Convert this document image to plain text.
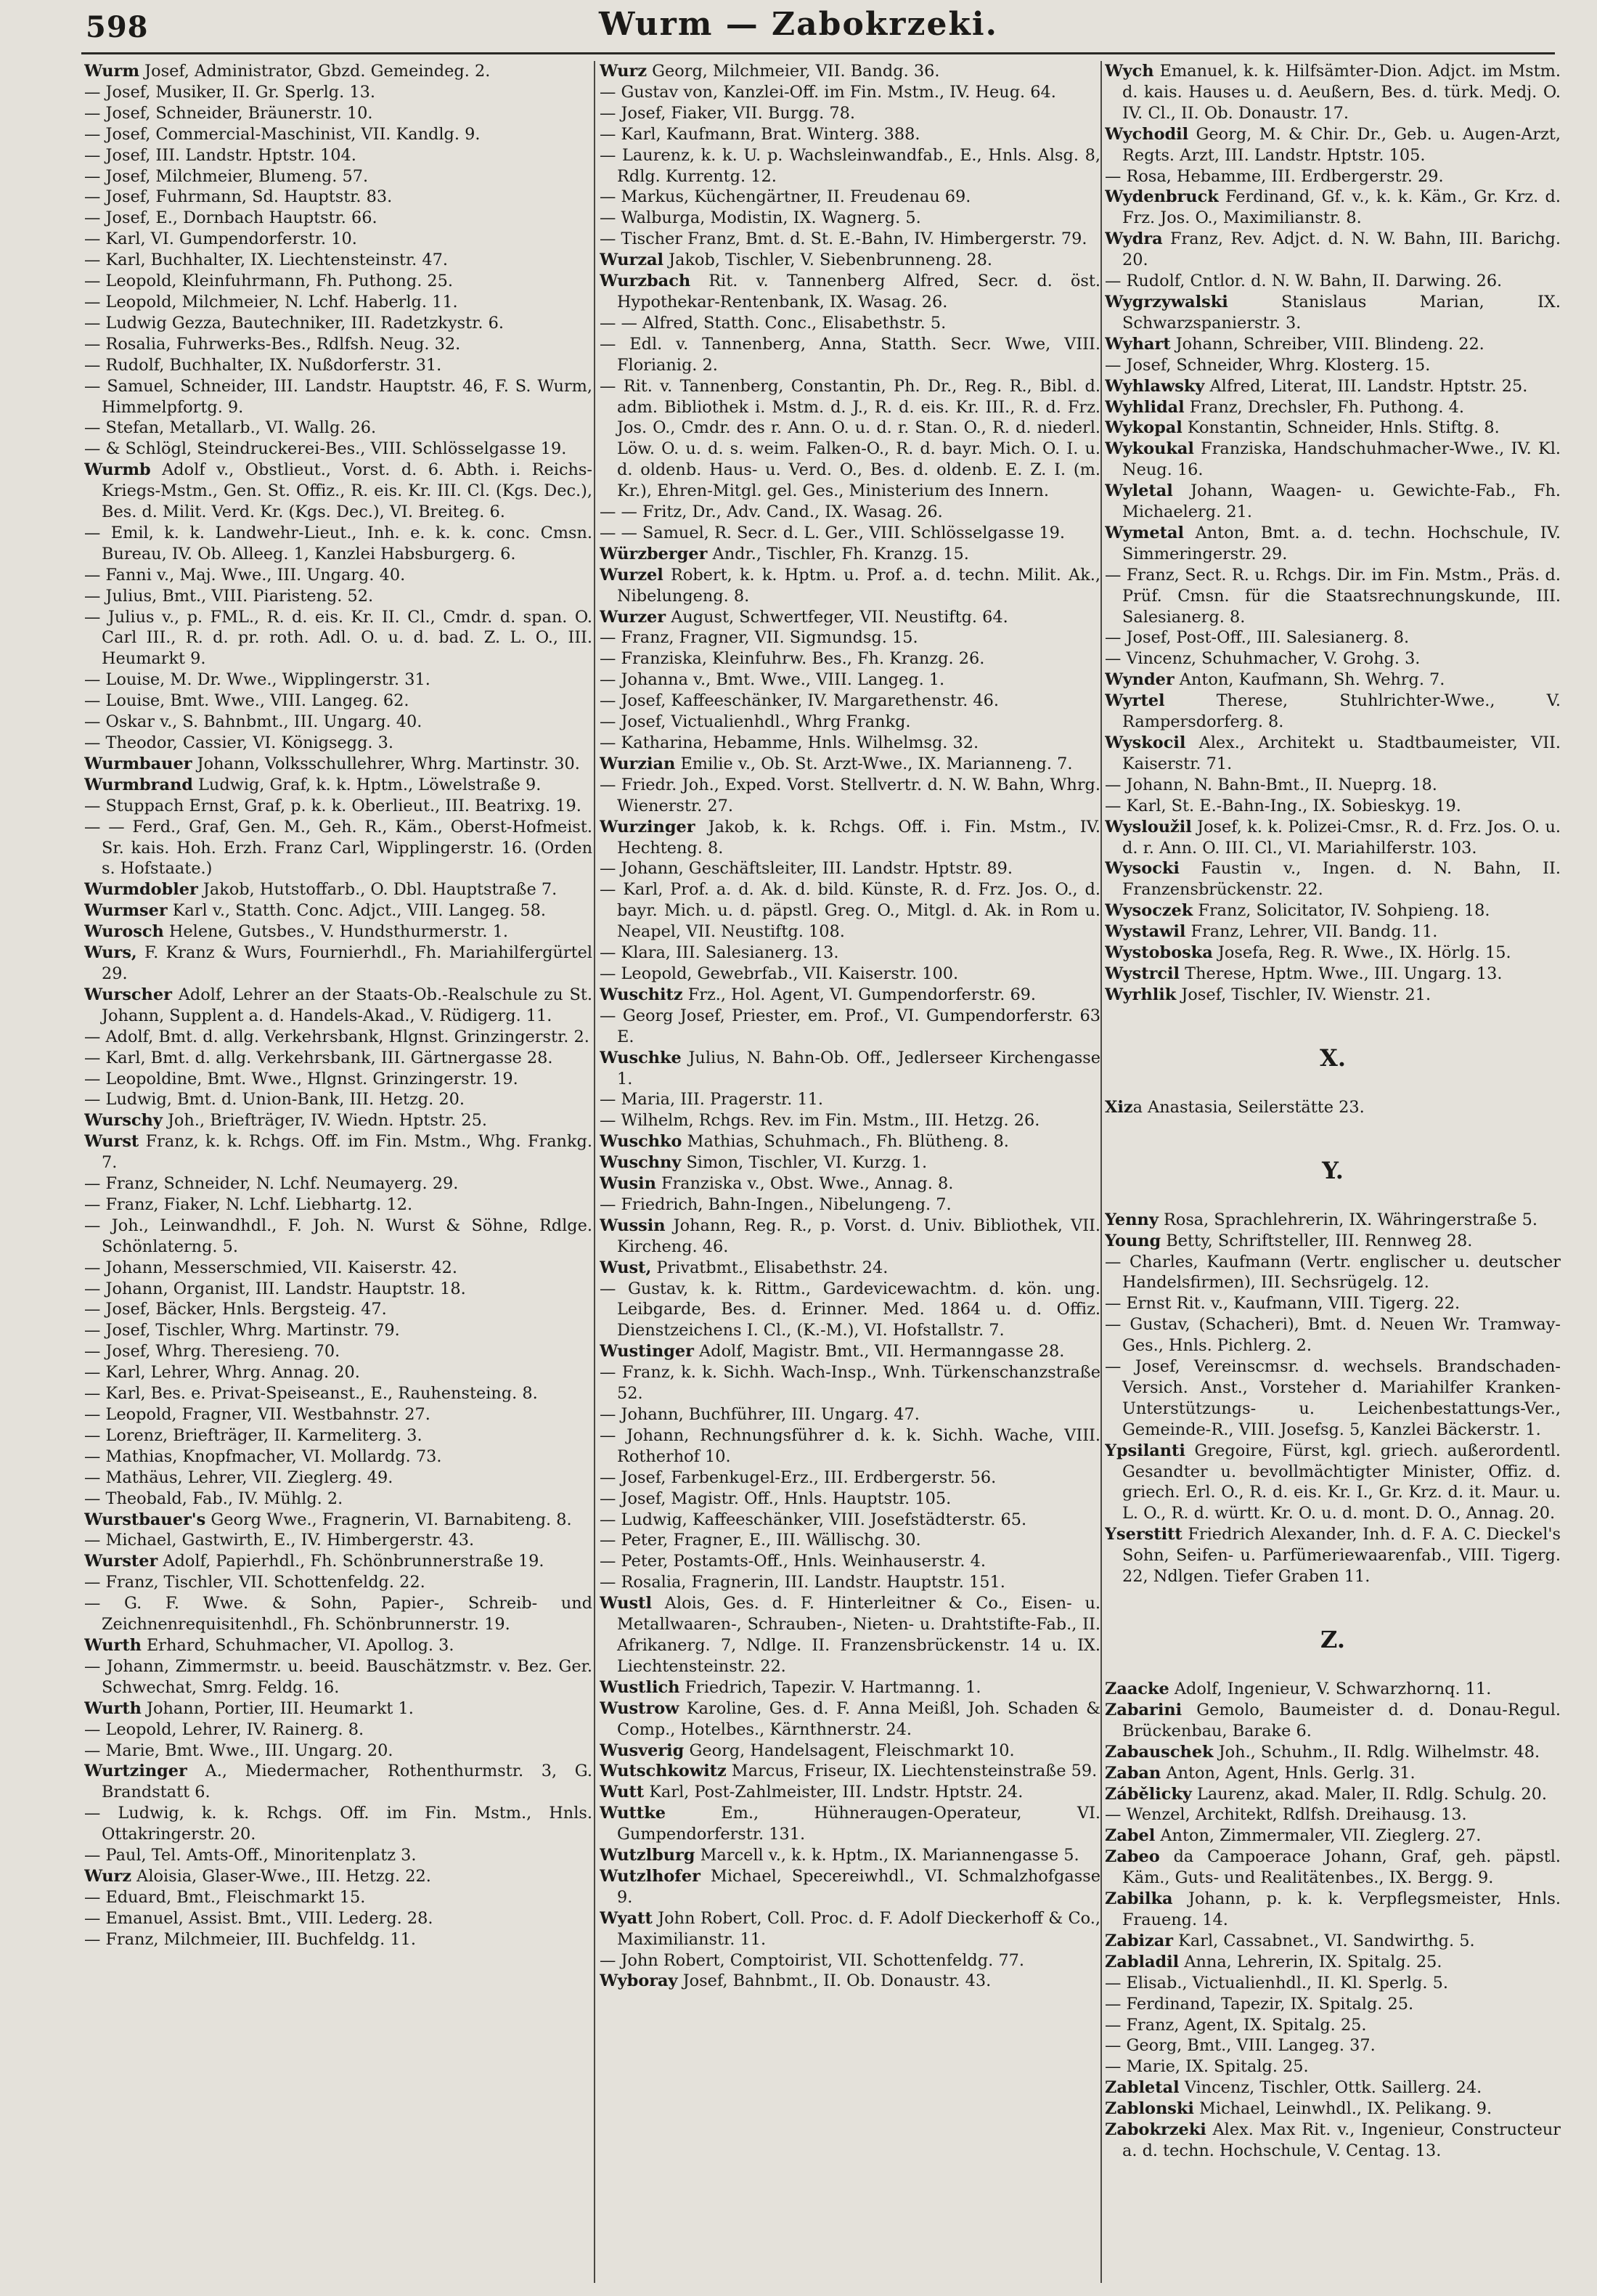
598	Wurm — Zabokrzeki.

Wurm Josef, Administrator, Gbzd. Gemeindeg. 2.

— Josef, Musiker, II. Gr. Sperlg. 13.

— Josef, Schneider, Bräunerstr. 10.

— Josef, Commercial-Maschinist, VII. Kandlg. 9.

— Josef, III. Landstr. Hptstr. 104.

— Josef, Milchmeier, Blumeng. 57.

— Josef, Fuhrmann, Sd. Hauptstr. 83.

— Josef, E., Dornbach Hauptstr. 66.

— Karl, VI. Gumpendorferstr. 10.

— Karl, Buchhalter, IX. Liechtensteinstr. 47.

— Leopold, Kleinfuhrmann, Fh. Puthong. 25.

— Leopold, Milchmeier, N. Lchf. Haberlg. 11.

— Ludwig Gezza, Bautechniker, III. Radetzkystr. 6.

— Rosalia, Fuhrwerks-Bes., Rdlfsh. Neug. 32.

— Rudolf, Buchhalter, IX. Nußdorferstr. 31.

— Samuel, Schneider, III. Landstr. Hauptstr. 46, F. S. Wurm, Himmelpfortg. 9.

— Stefan, Metallarb., VI. Wallg. 26.

— & Schlögl, Steindruckerei-Bes., VIII. Schlösselgasse 19.

Wurmb Adolf v., Obstlieut., Vorst. d. 6. Abth. i. Reichs-Kriegs-Mstm., Gen. St. Offiz., R. eis. Kr. III. Cl. (Kgs. Dec.), Bes. d. Milit. Verd. Kr. (Kgs. Dec.), VI. Breiteg. 6.

— Emil, k. k. Landwehr-Lieut., Inh. e. k. k. conc. Cmsn. Bureau, IV. Ob. Alleeg. 1, Kanzlei Habsburgerg. 6.

— Fanni v., Maj. Wwe., III. Ungarg. 40.

— Julius, Bmt., VIII. Piaristeng. 52.

— Julius v., p. FML., R. d. eis. Kr. II. Cl., Cmdr. d. span. O. Carl III., R. d. pr. roth. Adl. O. u. d. bad. Z. L. O., III. Heumarkt 9.

— Louise, M. Dr. Wwe., Wipplingerstr. 31.

— Louise, Bmt. Wwe., VIII. Langeg. 62.

— Oskar v., S. Bahnbmt., III. Ungarg. 40.

— Theodor, Cassier, VI. Königsegg. 3.

Wurmbauer Johann, Volksschullehrer, Whrg. Martinstr. 30.

Wurmbrand Ludwig, Graf, k. k. Hptm., Löwelstraße 9.

— Stuppach Ernst, Graf, p. k. k. Oberlieut., III. Beatrixg. 19.

— — Ferd., Graf, Gen. M., Geh. R., Käm., Oberst-Hofmeist. Sr. kais. Hoh. Erzh. Franz Carl, Wipplingerstr. 16. (Orden s. Hofstaate.)

Wurmdobler Jakob, Hutstoffarb., O. Dbl. Hauptstraße 7.

Wurmser Karl v., Statth. Conc. Adjct., VIII. Langeg. 58.

Wurosch Helene, Gutsbes., V. Hundsthurmerstr. 1.

Wurs, F. Kranz & Wurs, Fournierhdl., Fh. Mariahilfergürtel 29.

Wurscher Adolf, Lehrer an der Staats-Ob.-Realschule zu St. Johann, Supplent a. d. Handels-Akad., V. Rüdigerg. 11.

— Adolf, Bmt. d. allg. Verkehrsbank, Hlgnst. Grinzingerstr. 2.

— Karl, Bmt. d. allg. Verkehrsbank, III. Gärtnergasse 28.

— Leopoldine, Bmt. Wwe., Hlgnst. Grinzingerstr. 19.

— Ludwig, Bmt. d. Union-Bank, III. Hetzg. 20.

Wurschy Joh., Briefträger, IV. Wiedn. Hptstr. 25.

Wurst Franz, k. k. Rchgs. Off. im Fin. Mstm., Whg. Frankg. 7.

— Franz, Schneider, N. Lchf. Neumayerg. 29.

— Franz, Fiaker, N. Lchf. Liebhartg. 12.

— Joh., Leinwandhdl., F. Joh. N. Wurst & Söhne, Rdlge. Schönlaterng. 5.

— Johann, Messerschmied, VII. Kaiserstr. 42.

— Johann, Organist, III. Landstr. Hauptstr. 18.

— Josef, Bäcker, Hnls. Bergsteig. 47.

— Josef, Tischler, Whrg. Martinstr. 79.

— Josef, Whrg. Theresieng. 70.

— Karl, Lehrer, Whrg. Annag. 20.

— Karl, Bes. e. Privat-Speiseanst., E., Rauhensteing. 8.

— Leopold, Fragner, VII. Westbahnstr. 27.

— Lorenz, Briefträger, II. Karmeliterg. 3.

— Mathias, Knopfmacher, VI. Mollardg. 73.

— Mathäus, Lehrer, VII. Zieglerg. 49.

— Theobald, Fab., IV. Mühlg. 2.

Wurstbauer's Georg Wwe., Fragnerin, VI. Barnabiteng. 8.

— Michael, Gastwirth, E., IV. Himbergerstr. 43.

Wurster Adolf, Papierhdl., Fh. Schönbrunnerstraße 19.

— Franz, Tischler, VII. Schottenfeldg. 22.

— G. F. Wwe. & Sohn, Papier-, Schreib- und Zeichnenrequisitenhdl., Fh. Schönbrunnerstr. 19.

Wurth Erhard, Schuhmacher, VI. Apollog. 3.

— Johann, Zimmermstr. u. beeid. Bauschätzmstr. v. Bez. Ger. Schwechat, Smrg. Feldg. 16.

Wurth Johann, Portier, III. Heumarkt 1.

— Leopold, Lehrer, IV. Rainerg. 8.

— Marie, Bmt. Wwe., III. Ungarg. 20.

Wurtzinger A., Miedermacher, Rothenthurmstr. 3, G. Brandstatt 6.

— Ludwig, k. k. Rchgs. Off. im Fin. Mstm., Hnls. Ottakringerstr. 20.

— Paul, Tel. Amts-Off., Minoritenplatz 3.

Wurz Aloisia, Glaser-Wwe., III. Hetzg. 22.

— Eduard, Bmt., Fleischmarkt 15.

— Emanuel, Assist. Bmt., VIII. Lederg. 28.

— Franz, Milchmeier, III. Buchfeldg. 11.

Wurz Georg, Milchmeier, VII. Bandg. 36.

— Gustav von, Kanzlei-Off. im Fin. Mstm., IV. Heug. 64.

— Josef, Fiaker, VII. Burgg. 78.

— Karl, Kaufmann, Brat. Winterg. 388.

— Laurenz, k. k. U. p. Wachsleinwandfab., E., Hnls. Alsg. 8, Rdlg. Kurrentg. 12.

— Markus, Küchengärtner, II. Freudenau 69.

— Walburga, Modistin, IX. Wagnerg. 5.

— Tischer Franz, Bmt. d. St. E.-Bahn, IV. Himbergerstr. 79.

Wurzal Jakob, Tischler, V. Siebenbrunneng. 28.

Wurzbach Rit. v. Tannenberg Alfred, Secr. d. öst. Hypothekar-Rentenbank, IX. Wasag. 26.

— — Alfred, Statth. Conc., Elisabethstr. 5.

— Edl. v. Tannenberg, Anna, Statth. Secr. Wwe, VIII. Florianig. 2.

— Rit. v. Tannenberg, Constantin, Ph. Dr., Reg. R., Bibl. d. adm. Bibliothek i. Mstm. d. J., R. d. eis. Kr. III., R. d. Frz. Jos. O., Cmdr. des r. Ann. O. u. d. r. Stan. O., R. d. niederl. Löw. O. u. d. s. weim. Falken-O., R. d. bayr. Mich. O. I. u. d. oldenb. Haus- u. Verd. O., Bes. d. oldenb. E. Z. I. (m. Kr.), Ehren-Mitgl. gel. Ges., Ministerium des Innern.

— — Fritz, Dr., Adv. Cand., IX. Wasag. 26.

— — Samuel, R. Secr. d. L. Ger., VIII. Schlösselgasse 19.

Würzberger Andr., Tischler, Fh. Kranzg. 15.

Wurzel Robert, k. k. Hptm. u. Prof. a. d. techn. Milit. Ak., Nibelungeng. 8.

Wurzer August, Schwertfeger, VII. Neustiftg. 64.

— Franz, Fragner, VII. Sigmundsg. 15.

— Franziska, Kleinfuhrw. Bes., Fh. Kranzg. 26.

— Johanna v., Bmt. Wwe., VIII. Langeg. 1.

— Josef, Kaffeeschänker, IV. Margarethenstr. 46.

— Josef, Victualienhdl., Whrg Frankg.

— Katharina, Hebamme, Hnls. Wilhelmsg. 32.

Wurzian Emilie v., Ob. St. Arzt-Wwe., IX. Marianneng. 7.

— Friedr. Joh., Exped. Vorst. Stellvertr. d. N. W. Bahn, Whrg. Wienerstr. 27.

Wurzinger Jakob, k. k. Rchgs. Off. i. Fin. Mstm., IV. Hechteng. 8.

— Johann, Geschäftsleiter, III. Landstr. Hptstr. 89.

— Karl, Prof. a. d. Ak. d. bild. Künste, R. d. Frz. Jos. O., d. bayr. Mich. u. d. päpstl. Greg. O., Mitgl. d. Ak. in Rom u. Neapel, VII. Neustiftg. 108.

— Klara, III. Salesianerg. 13.

— Leopold, Gewebrfab., VII. Kaiserstr. 100.

Wuschitz Frz., Hol. Agent, VI. Gumpendorferstr. 69.

— Georg Josef, Priester, em. Prof., VI. Gumpendorferstr. 63 E.

Wuschke Julius, N. Bahn-Ob. Off., Jedlerseer Kirchengasse 1.

— Maria, III. Pragerstr. 11.

— Wilhelm, Rchgs. Rev. im Fin. Mstm., III. Hetzg. 26.

Wuschko Mathias, Schuhmach., Fh. Blütheng. 8.

Wuschny Simon, Tischler, VI. Kurzg. 1.

Wusin Franziska v., Obst. Wwe., Annag. 8.

— Friedrich, Bahn-Ingen., Nibelungeng. 7.

Wussin Johann, Reg. R., p. Vorst. d. Univ. Bibliothek, VII. Kircheng. 46.

Wust, Privatbmt., Elisabethstr. 24.

— Gustav, k. k. Rittm., Gardevicewachtm. d. kön. ung. Leibgarde, Bes. d. Erinner. Med. 1864 u. d. Offiz. Dienstzeichens I. Cl., (K.-M.), VI. Hofstallstr. 7.

Wustinger Adolf, Magistr. Bmt., VII. Hermanngasse 28.

— Franz, k. k. Sichh. Wach-Insp., Wnh. Türkenschanzstraße 52.

— Johann, Buchführer, III. Ungarg. 47.

— Johann, Rechnungsführer d. k. k. Sichh. Wache, VIII. Rotherhof 10.

— Josef, Farbenkugel-Erz., III. Erdbergerstr. 56.

— Josef, Magistr. Off., Hnls. Hauptstr. 105.

— Ludwig, Kaffeeschänker, VIII. Josefstädterstr. 65.

— Peter, Fragner, E., III. Wällischg. 30.

— Peter, Postamts-Off., Hnls. Weinhauserstr. 4.

— Rosalia, Fragnerin, III. Landstr. Hauptstr. 151.

Wustl Alois, Ges. d. F. Hinterleitner & Co., Eisen- u. Metallwaaren-, Schrauben-, Nieten- u. Drahtstifte-Fab., II. Afrikanerg. 7, Ndlge. II. Franzensbrückenstr. 14 u. IX. Liechtensteinstr. 22.

Wustlich Friedrich, Tapezir. V. Hartmanng. 1.

Wustrow Karoline, Ges. d. F. Anna Meißl, Joh. Schaden & Comp., Hotelbes., Kärnthnerstr. 24.

Wusverig Georg, Handelsagent, Fleischmarkt 10.

Wutschkowitz Marcus, Friseur, IX. Liechtensteinstraße 59.

Wutt Karl, Post-Zahlmeister, III. Lndstr. Hptstr. 24.

Wuttke Em., Hühneraugen-Operateur, VI. Gumpendorferstr. 131.

Wutzlburg Marcell v., k. k. Hptm., IX. Mariannengasse 5.

Wutzlhofer Michael, Specereiwhdl., VI. Schmalzhofgasse 9.

Wyatt John Robert, Coll. Proc. d. F. Adolf Dieckerhoff & Co., Maximilianstr. 11.

— John Robert, Comptoirist, VII. Schottenfeldg. 77.

Wyboray Josef, Bahnbmt., II. Ob. Donaustr. 43.

Wych Emanuel, k. k. Hilfsämter-Dion. Adjct. im Mstm. d. kais. Hauses u. d. Aeußern, Bes. d. türk. Medj. O. IV. Cl., II. Ob. Donaustr. 17.

Wychodil Georg, M. & Chir. Dr., Geb. u. Augen-Arzt, Regts. Arzt, III. Landstr. Hptstr. 105.

— Rosa, Hebamme, III. Erdbergerstr. 29.

Wydenbruck Ferdinand, Gf. v., k. k. Käm., Gr. Krz. d. Frz. Jos. O., Maximilianstr. 8.

Wydra Franz, Rev. Adjct. d. N. W. Bahn, III. Barichg. 20.

— Rudolf, Cntlor. d. N. W. Bahn, II. Darwing. 26.

Wygrzywalski Stanislaus Marian, IX. Schwarzspanierstr. 3.

Wyhart Johann, Schreiber, VIII. Blindeng. 22.

— Josef, Schneider, Whrg. Klosterg. 15.

Wyhlawsky Alfred, Literat, III. Landstr. Hptstr. 25.

Wyhlidal Franz, Drechsler, Fh. Puthong. 4.

Wykopal Konstantin, Schneider, Hnls. Stiftg. 8.

Wykoukal Franziska, Handschuhmacher-Wwe., IV. Kl. Neug. 16.

Wyletal Johann, Waagen- u. Gewichte-Fab., Fh. Michaelerg. 21.

Wymetal Anton, Bmt. a. d. techn. Hochschule, IV. Simmeringerstr. 29.

— Franz, Sect. R. u. Rchgs. Dir. im Fin. Mstm., Präs. d. Prüf. Cmsn. für die Staatsrechnungskunde, III. Salesianerg. 8.

— Josef, Post-Off., III. Salesianerg. 8.

— Vincenz, Schuhmacher, V. Grohg. 3.

Wynder Anton, Kaufmann, Sh. Wehrg. 7.

Wyrtel Therese, Stuhlrichter-Wwe., V. Rampersdorferg. 8.

Wyskocil Alex., Architekt u. Stadtbaumeister, VII. Kaiserstr. 71.

— Johann, N. Bahn-Bmt., II. Nueprg. 18.

— Karl, St. E.-Bahn-Ing., IX. Sobieskyg. 19.

Wysloužil Josef, k. k. Polizei-Cmsr., R. d. Frz. Jos. O. u. d. r. Ann. O. III. Cl., VI. Mariahilferstr. 103.

Wysocki Faustin v., Ingen. d. N. Bahn, II. Franzensbrückenstr. 22.

Wysoczek Franz, Solicitator, IV. Sohpieng. 18.

Wystawil Franz, Lehrer, VII. Bandg. 11.

Wystoboska Josefa, Reg. R. Wwe., IX. Hörlg. 15.

Wystrcil Therese, Hptm. Wwe., III. Ungarg. 13.

Wyrhlik Josef, Tischler, IV. Wienstr. 21.

X.

Xiza Anastasia, Seilerstätte 23.

Y.

Yenny Rosa, Sprachlehrerin, IX. Währingerstraße 5.

Young Betty, Schriftsteller, III. Rennweg 28.

— Charles, Kaufmann (Vertr. englischer u. deutscher Handelsfirmen), III. Sechsrügelg. 12.

— Ernst Rit. v., Kaufmann, VIII. Tigerg. 22.

— Gustav, (Schacheri), Bmt. d. Neuen Wr. Tramway-Ges., Hnls. Pichlerg. 2.

— Josef, Vereinscmsr. d. wechsels. Brandschaden-Versich. Anst., Vorsteher d. Mariahilfer Kranken-Unterstützungs- u. Leichenbestattungs-Ver., Gemeinde-R., VIII. Josefsg. 5, Kanzlei Bäckerstr. 1.

Ypsilanti Gregoire, Fürst, kgl. griech. außerordentl. Gesandter u. bevollmächtigter Minister, Offiz. d. griech. Erl. O., R. d. eis. Kr. I., Gr. Krz. d. it. Maur. u. L. O., R. d. württ. Kr. O. u. d. mont. D. O., Annag. 20.

Yserstitt Friedrich Alexander, Inh. d. F. A. C. Dieckel's Sohn, Seifen- u. Parfümeriewaarenfab., VIII. Tigerg. 22, Ndlgen. Tiefer Graben 11.

Z.

Zaacke Adolf, Ingenieur, V. Schwarzhornq. 11.

Zabarini Gemolo, Baumeister d. d. Donau-Regul. Brückenbau, Barake 6.

Zabauschek Joh., Schuhm., II. Rdlg. Wilhelmstr. 48.

Zaban Anton, Agent, Hnls. Gerlg. 31.

Zábělicky Laurenz, akad. Maler, II. Rdlg. Schulg. 20.

— Wenzel, Architekt, Rdlfsh. Dreihausg. 13.

Zabel Anton, Zimmermaler, VII. Zieglerg. 27.

Zabeo da Campoerace Johann, Graf, geh. päpstl. Käm., Guts- und Realitätenbes., IX. Bergg. 9.

Zabilka Johann, p. k. k. Verpflegsmeister, Hnls. Fraueng. 14.

Zabizar Karl, Cassabnet., VI. Sandwirthg. 5.

Zabladil Anna, Lehrerin, IX. Spitalg. 25.

— Elisab., Victualienhdl., II. Kl. Sperlg. 5.

— Ferdinand, Tapezir, IX. Spitalg. 25.

— Franz, Agent, IX. Spitalg. 25.

— Georg, Bmt., VIII. Langeg. 37.

— Marie, IX. Spitalg. 25.

Zabletal Vincenz, Tischler, Ottk. Saillerg. 24.

Zablonski Michael, Leinwhdl., IX. Pelikang. 9.

Zabokrzeki Alex. Max Rit. v., Ingenieur, Constructeur a. d. techn. Hochschule, V. Centag. 13.
